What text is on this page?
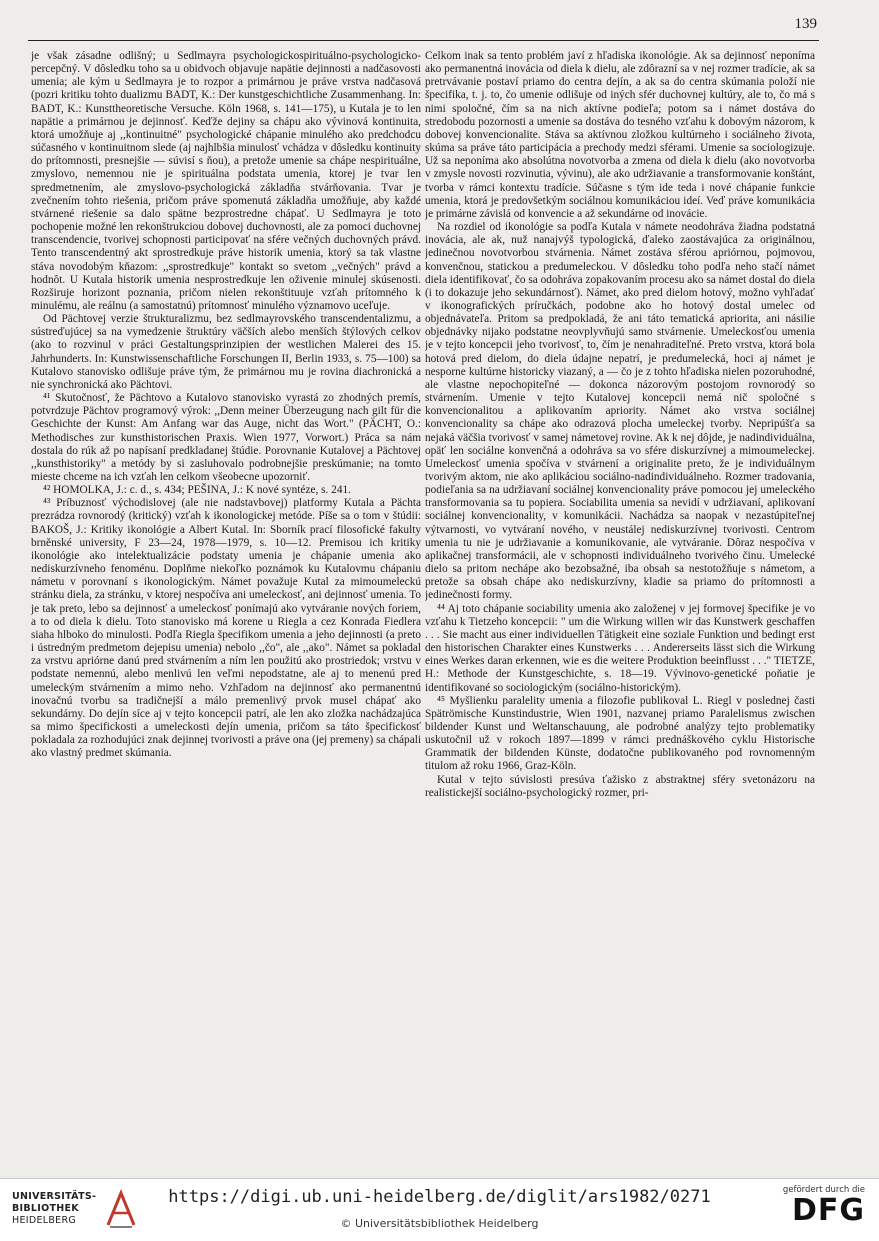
139

je však zásadne odlišný; u Sedlmayra psychologickospirituálno-psychologicko-percepčný. V dôsledku toho sa u obidvoch objavuje napätie dejinnosti a nadčasovosti umenia; ale kým u Sedlmayra je to rozpor a primárnou je práve vrstva nadčasová (pozri kritiku tohto dualizmu BADT, K.: Der kunstgeschichtliche Zusammenhang. In: BADT, K.: Kunsttheoretische Versuche. Köln 1968, s. 141—175), u Kutala je to len napätie a primárnou je dejinnosť. Keďže dejiny sa chápu ako vývinová kontinuita, ktorá umožňuje aj ,,kontinuitné" psychologické chápanie minulého ako predchodcu súčasného v kontinuitnom slede (aj najhlbšia minulosť vchádza v dôsledku kontinuity do prítomnosti, presnejšie — súvisí s ňou), a pretože umenie sa chápe nespirituálne, zmyslovo, nemennou nie je spirituálna podstata umenia, ktorej je tvar len spredmetnením, ale zmyslovo-psychologická základňa stvárňovania. Tvar je zvečnením tohto riešenia, pričom práve spomenutá základňa umožňuje, aby každé stvárnené riešenie sa dalo spätne bezprostredne chápať. U Sedlmayra je toto pochopenie možné len rekonštrukciou dobovej duchovnosti, ale za pomoci duchovnej transcendencie, tvorivej schopnosti participovať na sfére večných duchovných právd. Tento transcendentný akt sprostredkuje práve historik umenia, ktorý sa tak vlastne stáva novodobým kňazom: ,,sprostredkuje" kontakt so svetom ,,večných" právd a hodnôt. U Kutala historik umenia nesprostredkuje len oživenie minulej skúsenosti. Rozširuje horizont poznania, pričom nielen rekonštituuje vzťah prítomného k minulému, ale reálnu (a samostatnú) prítomnosť minulého významovo uceľuje.

Od Pächtovej verzie štrukturalizmu, bez sedlmayrovského transcendentalizmu, a sústreďujúcej sa na vymedzenie štruktúry väčších alebo menších štýlových celkov (ako to rozvinul v práci Gestaltungsprinzipien der westlichen Malerei des 15. Jahrhunderts. In: Kunstwissenschaftliche Forschungen II, Berlin 1933, s. 75—100) sa Kutalovo stanovisko odlišuje práve tým, že primárnou mu je rovina diachronická a nie synchronická ako Pächtovi.

⁴¹ Skutočnosť, že Pächtovo a Kutalovo stanovisko vyrastá zo zhodných premís, potvrdzuje Pächtov programový výrok: ,,Denn meiner Überzeugung nach gilt für die Geschichte der Kunst: Am Anfang war das Auge, nicht das Wort." (PÄCHT, O.: Methodisches zur kunsthistorischen Praxis. Wien 1977, Vorwort.) Práca sa nám dostala do rúk až po napísaní predkladanej štúdie. Porovnanie Kutalovej a Pächtovej ,,kunsthistoriky" a metódy by si zasluhovalo podrobnejšie preskúmanie; na tomto mieste chceme na ich vzťah len celkom všeobecne upozorniť.

⁴² HOMOLKA, J.: c. d., s. 434; PEŠINA, J.: K nové syntéze, s. 241.

⁴³ Príbuznosť východislovej (ale nie nadstavbovej) platformy Kutala a Pächta prezrádza rovnorodý (kritický) vzťah k ikonologickej metóde. Píše sa o tom v štúdii: BAKOŠ, J.: Kritiky ikonológie a Albert Kutal. In: Sborník prací filosofické fakulty brněnské university, F 23—24, 1978—1979, s. 10—12. Premisou ich kritiky ikonológie ako intelektualizácie podstaty umenia je chápanie umenia ako nediskurzívneho fenoménu. Doplňme niekoľko poznámok ku Kutalovmu chápaniu námetu v porovnaní s ikonologickým. Námet považuje Kutal za mimoumeleckú stránku diela, za stránku, v ktorej nespočíva ani umeleckosť, ani dejinnosť umenia. To je tak preto, lebo sa dejinnosť a umeleckosť ponímajú ako vytváranie nových foriem, a to od diela k dielu. Toto stanovisko má korene u Riegla a cez Konrada Fiedlera siaha hlboko do minulosti. Podľa Riegla špecifikom umenia a jeho dejinnosti (a preto i ústredným predmetom dejepisu umenia) nebolo ,,čo", ale ,,ako". Námet sa pokladal za vrstvu apriórne danú pred stvárnením a ním len použitú ako prostriedok; vrstvu v podstate nemennú, alebo menlivú len veľmi nepodstatne, ale aj to menenú pred umeleckým stvárnením a mimo neho. Vzhľadom na dejinnosť ako permanentnú inovačnú tvorbu sa tradičnejší a málo premenlivý prvok musel chápať ako sekundárny. Do dejín síce aj v tejto koncepcii patrí, ale len ako zložka nachádzajúca sa mimo špecifickosti a umeleckosti dejín umenia, pričom sa táto špecifickosť pokladala za rozhodujúci znak dejinnej tvorivosti a práve ona (jej premeny) sa chápali ako vlastný predmet skúmania.

Celkom inak sa tento problém javí z hľadiska ikonológie. Ak sa dejinnosť neponíma ako permanentná inovácia od diela k dielu, ale zdôrazní sa v nej rozmer tradície, ak sa pretrvávanie postaví priamo do centra dejín, a ak sa do centra skúmania položí nie špecifika, t. j. to, čo umenie odlišuje od iných sfér duchovnej kultúry, ale to, čo má s nimi spoločné, čím sa na nich aktívne podieľa; potom sa i námet dostáva do stredobodu pozornosti a umenie sa dostáva do tesného vzťahu k dobovým názorom, k dobovej konvencionalite. Stáva sa aktívnou zložkou kultúrneho i sociálneho života, skúma sa práve táto participácia a prechody medzi sférami. Umenie sa sociologizuje. Už sa neponíma ako absolútna novotvorba a zmena od diela k dielu (ako novotvorba v zmysle novosti rozvinutia, vývinu), ale ako udržiavanie a transformovanie konštánt, tvorba v rámci kontextu tradície. Súčasne s tým ide teda i nové chápanie funkcie umenia, ktorá je predovšetkým sociálnou komunikáciou ideí. Veď práve komunikácia je primárne závislá od konvencie a až sekundárne od inovácie.

Na rozdiel od ikonológie sa podľa Kutala v námete neodohráva žiadna podstatná inovácia, ale ak, nuž nanajvýš typologická, ďaleko zaostávajúca za originálnou, jedinečnou novotvorbou stvárnenia. Námet zostáva sférou apriórnou, pojmovou, konvenčnou, statickou a predumeleckou. V dôsledku toho podľa neho stačí námet diela identifikovať, čo sa odohráva zopakovaním procesu ako sa námet dostal do diela (i to dokazuje jeho sekundárnosť). Námet, ako pred dielom hotový, možno vyhľadať v ikonografických príručkách, podobne ako ho hotový dostal umelec od objednávateľa. Pritom sa predpokladá, že ani táto tematická apriorita, ani násilie objednávky nijako podstatne neovplyvňujú samo stvárnenie. Umeleckosťou umenia je v tejto koncepcii jeho tvorivosť, to, čím je nenahraditeľné. Preto vrstva, ktorá bola hotová pred dielom, do diela údajne nepatrí, je predumelecká, hoci aj námet je nesporne kultúrne historicky viazaný, a — čo je z tohto hľadiska nielen pozoruhodné, ale vlastne nepochopiteľné — dokonca názorovým postojom rovnorodý so stvárnením. Umenie v tejto Kutalovej koncepcii nemá nič spoločné s konvencionalitou a aplikovaním apriority. Námet ako vrstva sociálnej konvencionality sa chápe ako odrazová plocha umeleckej tvorby. Nepripúšťa sa nejaká väčšia tvorivosť v samej námetovej rovine. Ak k nej dôjde, je nadindividuálna, opäť len sociálne konvenčná a odohráva sa vo sfére diskurzívnej a mimoumeleckej. Umeleckosť umenia spočíva v stvárnení a originalite preto, že je individuálnym tvorivým aktom, nie ako aplikáciou sociálno-nadindividuálneho. Rozmer tradovania, podieľania sa na udržiavaní sociálnej konvencionality práve pomocou jej umeleckého transformovania sa tu popiera. Sociabilita umenia sa nevidí v udržiavaní, aplikovaní sociálnej konvencionality, v komunikácii. Nachádza sa naopak v nezastúpiteľnej výtvarnosti, vo vytváraní nového, v neustálej nediskurzívnej tvorivosti. Centrom umenia tu nie je udržiavanie a komunikovanie, ale vytváranie. Dôraz nespočíva v aplikačnej transformácii, ale v schopnosti individuálneho tvorivého činu. Umelecké dielo sa pritom nechápe ako bezobsažné, iba obsah sa nestotožňuje s námetom, a pretože sa obsah chápe ako nediskurzívny, kladie sa priamo do prítomnosti a jedinečnosti formy.

⁴⁴ Aj toto chápanie sociability umenia ako založenej v jej formovej špecifike je vo vzťahu k Tietzeho koncepcii: " um die Wirkung willen wir das Kunstwerk geschaffen . . . Sie macht aus einer individuellen Tätigkeit eine soziale Funktion und bedingt erst den historischen Charakter eines Kunstwerks . . . Andererseits lässt sich die Wirkung eines Werkes daran erkennen, wie es die weitere Produktion beeinflusst . . ." TIETZE, H.: Methode der Kunstgeschichte, s. 18—19. Vývinovo-genetické poňatie je identifikované so sociologickým (sociálno-historickým).

⁴⁵ Myšlienku paralelity umenia a filozofie publikoval L. Riegl v poslednej časti Spätrömische Kunstindustrie, Wien 1901, nazvanej priamo Paralelismus zwischen bildender Kunst und Weltanschauung, ale podrobné analýzy tejto problematiky uskutočnil už v rokoch 1897—1899 v rámci prednáškového cyklu Historische Grammatik der bildenden Künste, dodatočne publikovaného pod rovnomenným titulom až roku 1966, Graz-Köln.

Kutal v tejto súvislosti presúva ťažisko z abstraktnej sféry svetonázoru na realistickejší sociálno-psychologický rozmer, pri-

UNIVERSITÄTS-
BIBLIOTHEK
HEIDELBERG
https://digi.ub.uni-heidelberg.de/diglit/ars1982/0271
© Universitätsbibliothek Heidelberg
gefördert durch die
DFG
